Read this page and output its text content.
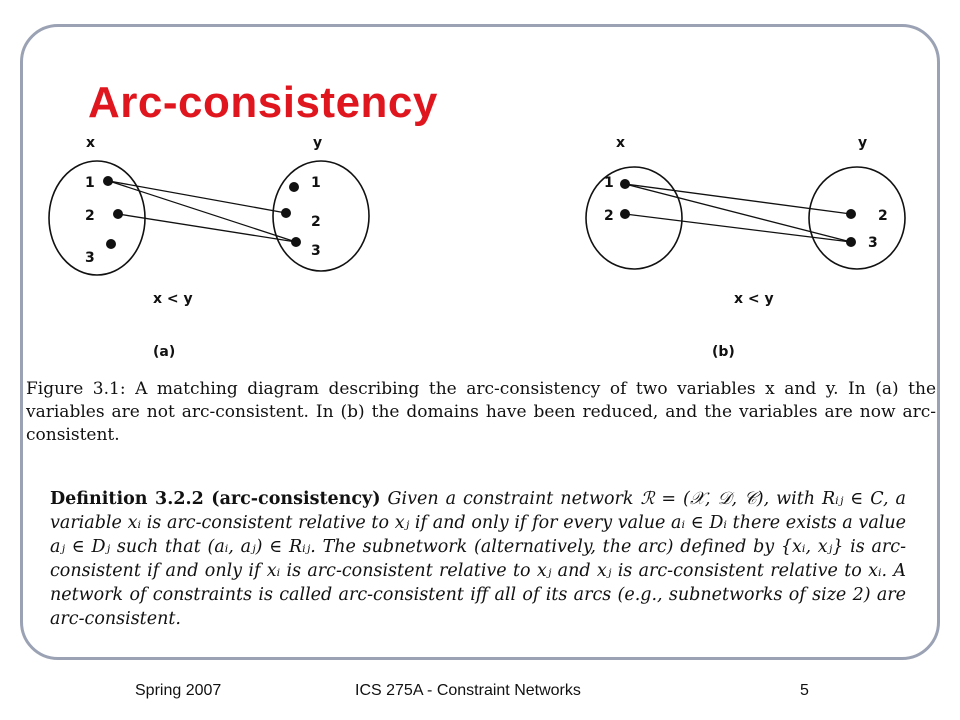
Arc-consistency
x	y
1
2
3
1
2
3
x < y
(a)
x	y
1
2	2
3
x < y
(b)
Figure 3.1: A matching diagram describing the arc-consistency of two variables x and y. In (a) the variables are not arc-consistent. In (b) the domains have been reduced, and the variables are now arc-consistent.
Definition 3.2.2 (arc-consistency) Given a constraint network ℛ = (𝒳, 𝒟, 𝒞), with Rᵢⱼ ∈ C, a variable xᵢ is arc-consistent relative to xⱼ if and only if for every value aᵢ ∈ Dᵢ there exists a value aⱼ ∈ Dⱼ such that (aᵢ, aⱼ) ∈ Rᵢⱼ. The subnetwork (alternatively, the arc) defined by {xᵢ, xⱼ} is arc-consistent if and only if xᵢ is arc-consistent relative to xⱼ and xⱼ is arc-consistent relative to xᵢ. A network of constraints is called arc-consistent iff all of its arcs (e.g., subnetworks of size 2) are arc-consistent.
Spring 2007	ICS 275A - Constraint Networks	5
